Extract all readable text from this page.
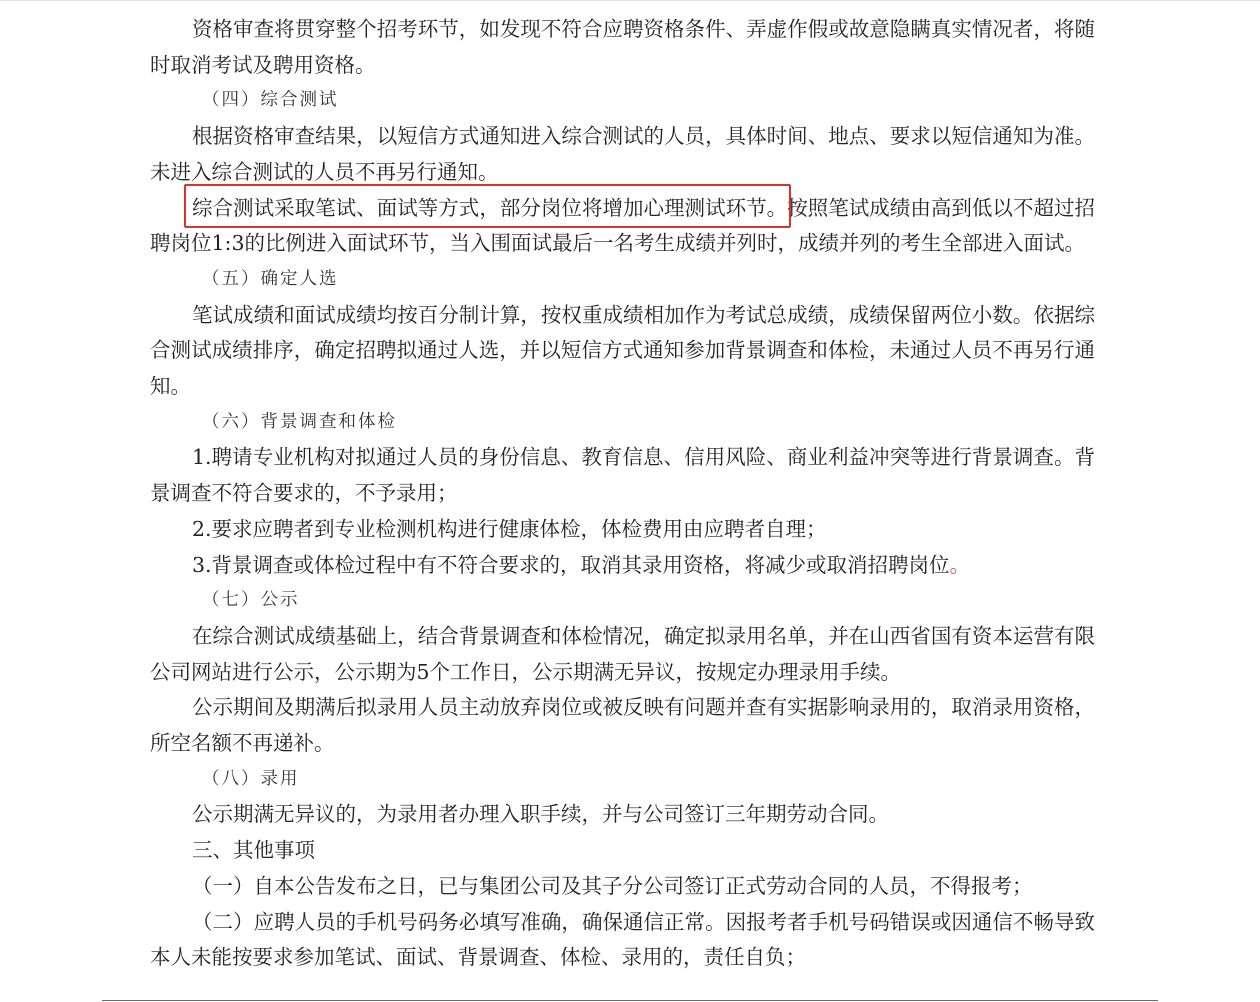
资格审查将贯穿整个招考环节，如发现不符合应聘资格条件、弄虚作假或故意隐瞒真实情况者，将随时取消考试及聘用资格。

（四）综合测试

根据资格审查结果，以短信方式通知进入综合测试的人员，具体时间、地点、要求以短信通知为准。未进入综合测试的人员不再另行通知。

综合测试采取笔试、面试等方式，部分岗位将增加心理测试环节。按照笔试成绩由高到低以不超过招聘岗位1:3的比例进入面试环节，当入围面试最后一名考生成绩并列时，成绩并列的考生全部进入面试。

（五）确定人选

笔试成绩和面试成绩均按百分制计算，按权重成绩相加作为考试总成绩，成绩保留两位小数。依据综合测试成绩排序，确定招聘拟通过人选，并以短信方式通知参加背景调查和体检，未通过人员不再另行通知。

（六）背景调查和体检

1.聘请专业机构对拟通过人员的身份信息、教育信息、信用风险、商业利益冲突等进行背景调查。背景调查不符合要求的，不予录用；

2.要求应聘者到专业检测机构进行健康体检，体检费用由应聘者自理；

3.背景调查或体检过程中有不符合要求的，取消其录用资格，将减少或取消招聘岗位。

（七）公示

在综合测试成绩基础上，结合背景调查和体检情况，确定拟录用名单，并在山西省国有资本运营有限公司网站进行公示，公示期为5个工作日，公示期满无异议，按规定办理录用手续。

公示期间及期满后拟录用人员主动放弃岗位或被反映有问题并查有实据影响录用的，取消录用资格，所空名额不再递补。

（八）录用

公示期满无异议的，为录用者办理入职手续，并与公司签订三年期劳动合同。

三、其他事项

（一）自本公告发布之日，已与集团公司及其子分公司签订正式劳动合同的人员，不得报考；

（二）应聘人员的手机号码务必填写准确，确保通信正常。因报考者手机号码错误或因通信不畅导致本人未能按要求参加笔试、面试、背景调查、体检、录用的，责任自负；
